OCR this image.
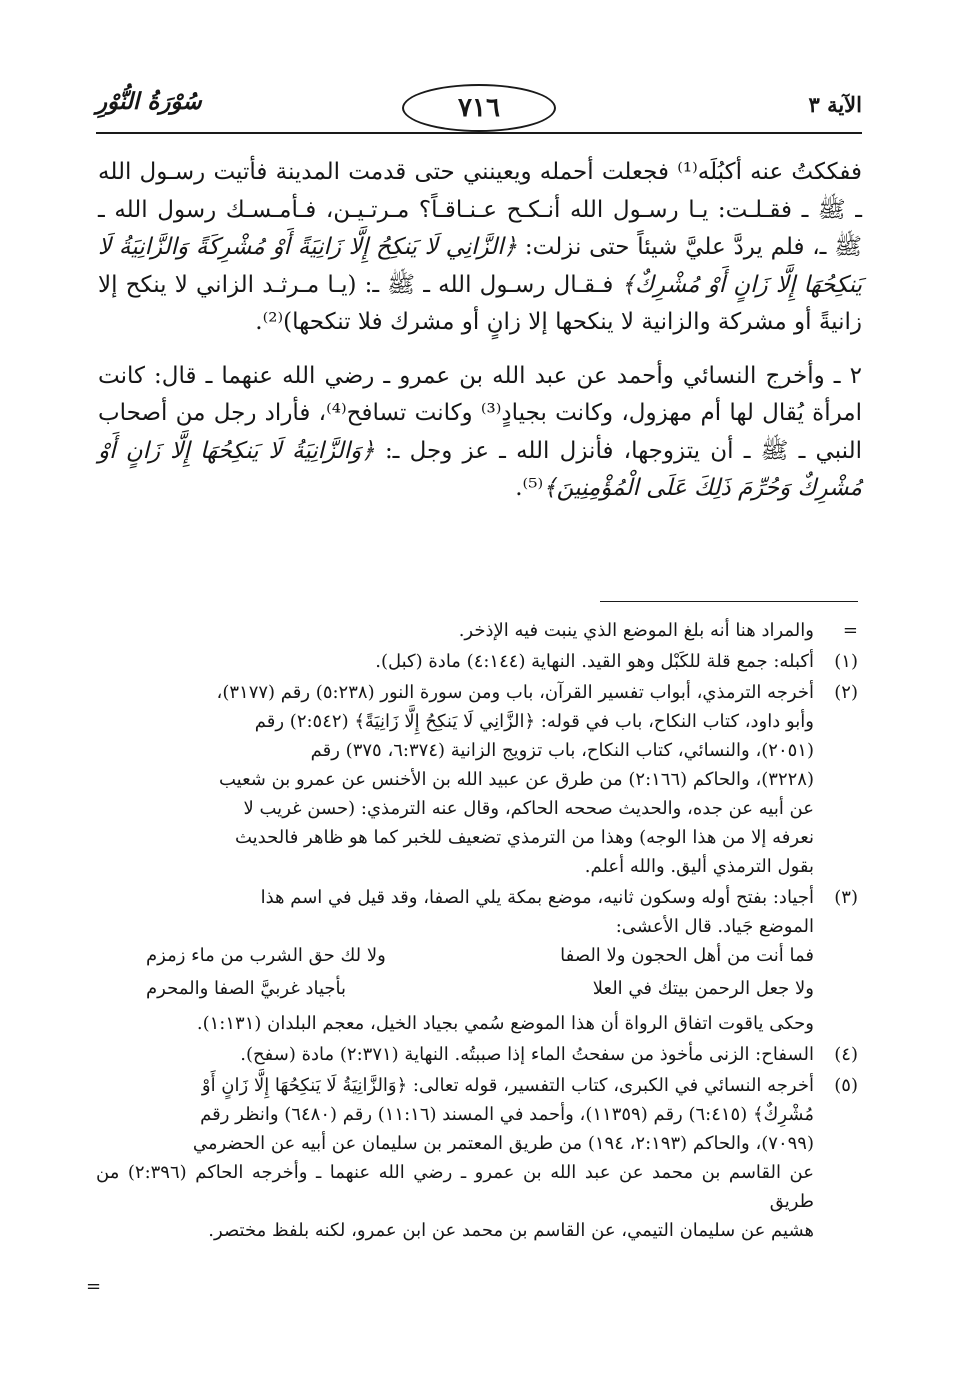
الآية ٣
٧١٦
سُوْرَةُ النُّوْرِ

ففككتُ عنه أكبُلَه⁽¹⁾ فجعلت أحمله ويعينني حتى قدمت المدينة فأتيت رسـول الله ـ ﷺ ـ فقـلـت: يـا رسـول الله أنـكـح عـنـاقـاً؟ مـرتـيـن، فـأمـسـك رسول الله ـ ﷺ ـ، فلم يردَّ عليَّ شيئاً حتى نزلت: ﴿الزَّانِي لَا يَنكِحُ إِلَّا زَانِيَةً أَوْ مُشْرِكَةً وَالزَّانِيَةُ لَا يَنكِحُهَا إِلَّا زَانٍ أَوْ مُشْرِكٌ﴾ فـقـال رسـول الله ـ ﷺ ـ: (يـا مـرثـد الزاني لا ينكح إلا زانيةً أو مشركة والزانية لا ينكحها إلا زانٍ أو مشرك فلا تنكحها)⁽²⁾.

٢ ـ وأخرج النسائي وأحمد عن عبد الله بن عمرو ـ رضي الله عنهما ـ قال: كانت امرأة يُقال لها أم مهزول، وكانت بجيادٍ⁽³⁾ وكانت تسافح⁽⁴⁾، فأراد رجل من أصحاب النبي ـ ﷺ ـ أن يتزوجها، فأنزل الله ـ عز وجل ـ: ﴿وَالزَّانِيَةُ لَا يَنكِحُهَا إِلَّا زَانٍ أَوْ مُشْرِكٌ وَحُرِّمَ ذَلِكَ عَلَى الْمُؤْمِنِينَ﴾⁽⁵⁾.

=

والمراد هنا أنه بلغ الموضع الذي ينبت فيه الإذخر.

(١)

أكبله: جمع قلة للكَبْل وهو القيد. النهاية (٤:١٤٤) مادة (كبل).

(٢)

أخرجه الترمذي، أبواب تفسير القرآن، باب ومن سورة النور (٥:٢٣٨) رقم (٣١٧٧)،

وأبو داود، كتاب النكاح، باب في قوله: ﴿الزَّانِي لَا يَنكِحُ إِلَّا زَانِيَةً﴾ (٢:٥٤٢) رقم

(٢٠٥١)، والنسائي، كتاب النكاح، باب تزويج الزانية (٦:٣٧٤، ٣٧٥) رقم

(٣٢٢٨)، والحاكم (٢:١٦٦) من طرق عن عبيد الله بن الأخنس عن عمرو بن شعيب

عن أبيه عن جده، والحديث صححه الحاكم، وقال عنه الترمذي: (حسن غريب لا

نعرفه إلا من هذا الوجه) وهذا من الترمذي تضعيف للخبر كما هو ظاهر فالحديث

بقول الترمذي أليق. والله أعلم.

(٣)

أجياد: بفتح أوله وسكون ثانيه، موضع بمكة يلي الصفا، وقد قيل في اسم هذا

الموضع جَياد. قال الأعشى:

فما أنت من أهل الحجون ولا الصفا
ولا لك حق الشرب من ماء زمزم
ولا جعل الرحمن بيتك في العلا
بأجياد غربيَّ الصفا والمحرم

وحكى ياقوت اتفاق الرواة أن هذا الموضع سُمي بجياد الخيل، معجم البلدان (١:١٣١).

(٤)

السفاح: الزنى مأخوذ من سفحتُ الماء إذا صببتُه. النهاية (٢:٣٧١) مادة (سفح).

(٥)

أخرجه النسائي في الكبرى، كتاب التفسير، قوله تعالى: ﴿وَالزَّانِيَةُ لَا يَنكِحُهَا إِلَّا زَانٍ أَوْ

مُشْرِكٌ﴾ (٦:٤١٥) رقم (١١٣٥٩)، وأحمد في المسند (١١:١٦) رقم (٦٤٨٠) وانظر رقم

(٧٠٩٩)، والحاكم (٢:١٩٣، ١٩٤) من طريق المعتمر بن سليمان عن أبيه عن الحضرمي

عن القاسم بن محمد عن عبد الله بن عمرو ـ رضي الله عنهما ـ وأخرجه الحاكم (٢:٣٩٦) من طريق

هشيم عن سليمان التيمي، عن القاسم بن محمد عن ابن عمرو، لكنه بلفظ مختصر.

=
